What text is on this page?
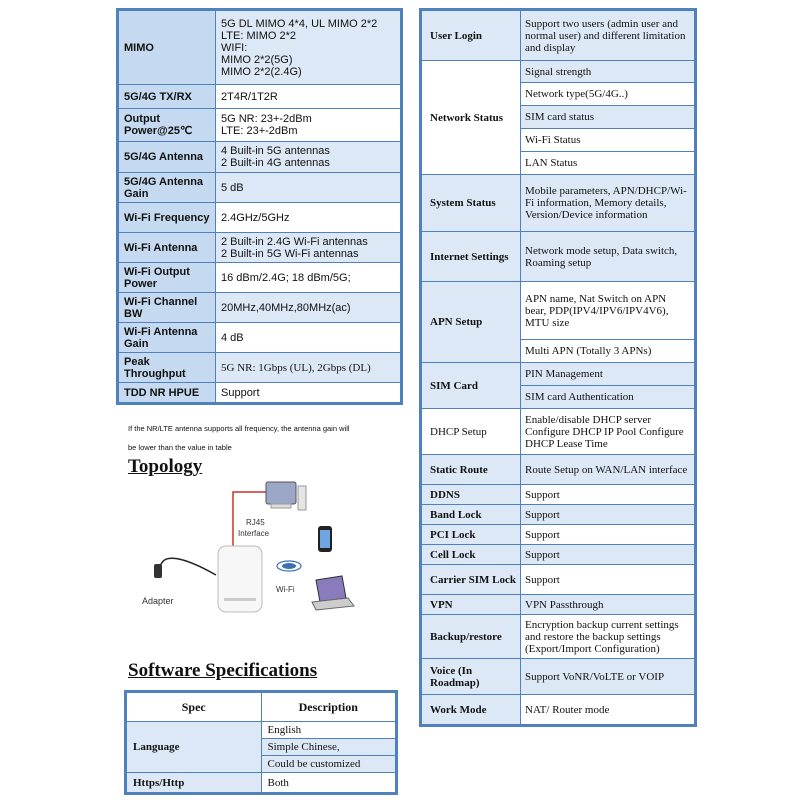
MIMO	5G DL MIMO 4*4, UL MIMO 2*2
LTE: MIMO 2*2
WIFI:
MIMO 2*2(5G)
MIMO 2*2(2.4G)

5G/4G TX/RX	2T4R/1T2R
Output Power@25℃	5G NR: 23+-2dBm
LTE: 23+-2dBm

5G/4G Antenna	4 Built-in 5G antennas
2 Built-in 4G antennas

5G/4G Antenna Gain	5 dB
Wi-Fi Frequency	2.4GHz/5GHz
Wi-Fi Antenna	2 Built-in 2.4G Wi-Fi antennas
2 Built-in 5G Wi-Fi antennas

Wi-Fi Output Power	16 dBm/2.4G; 18 dBm/5G;
Wi-Fi Channel BW	20MHz,40MHz,80MHz(ac)
Wi-Fi Antenna Gain	4 dB
Peak Throughput	5G NR: 1Gbps (UL), 2Gbps (DL)
TDD NR HPUE	Support
If the NR/LTE antenna supports all frequency, the antenna gain will
be lower than the value in table
Topology
RJ45
Interface
Wi-Fi
Adapter
Software Specifications
Spec	Description
Language	English
	Simple Chinese,
	Could be customized
Https/Http	Both
User Login	Support two users (admin user and normal user) and different limitation and display
Network Status	Signal strength
	Network type(5G/4G..)
	SIM card status
	Wi-Fi Status
	LAN Status
System Status	Mobile parameters, APN/DHCP/Wi-Fi information, Memory details, Version/Device information
Internet Settings	Network mode setup, Data switch, Roaming setup
APN Setup	APN name, Nat Switch on APN bear, PDP(IPV4/IPV6/IPV4V6), MTU size
	Multi APN (Totally 3 APNs)
SIM Card	PIN Management
	SIM card Authentication
DHCP Setup	Enable/disable DHCP server Configure DHCP IP Pool Configure DHCP Lease Time
Static Route	Route Setup on WAN/LAN interface
DDNS	Support
Band Lock	Support
PCI Lock	Support
Cell Lock	Support
Carrier SIM Lock	Support
VPN	VPN Passthrough
Backup/restore	Encryption backup current settings and restore the backup settings (Export/Import Configuration)
Voice (In Roadmap)	Support VoNR/VoLTE or VOIP
Work Mode	NAT/ Router mode
